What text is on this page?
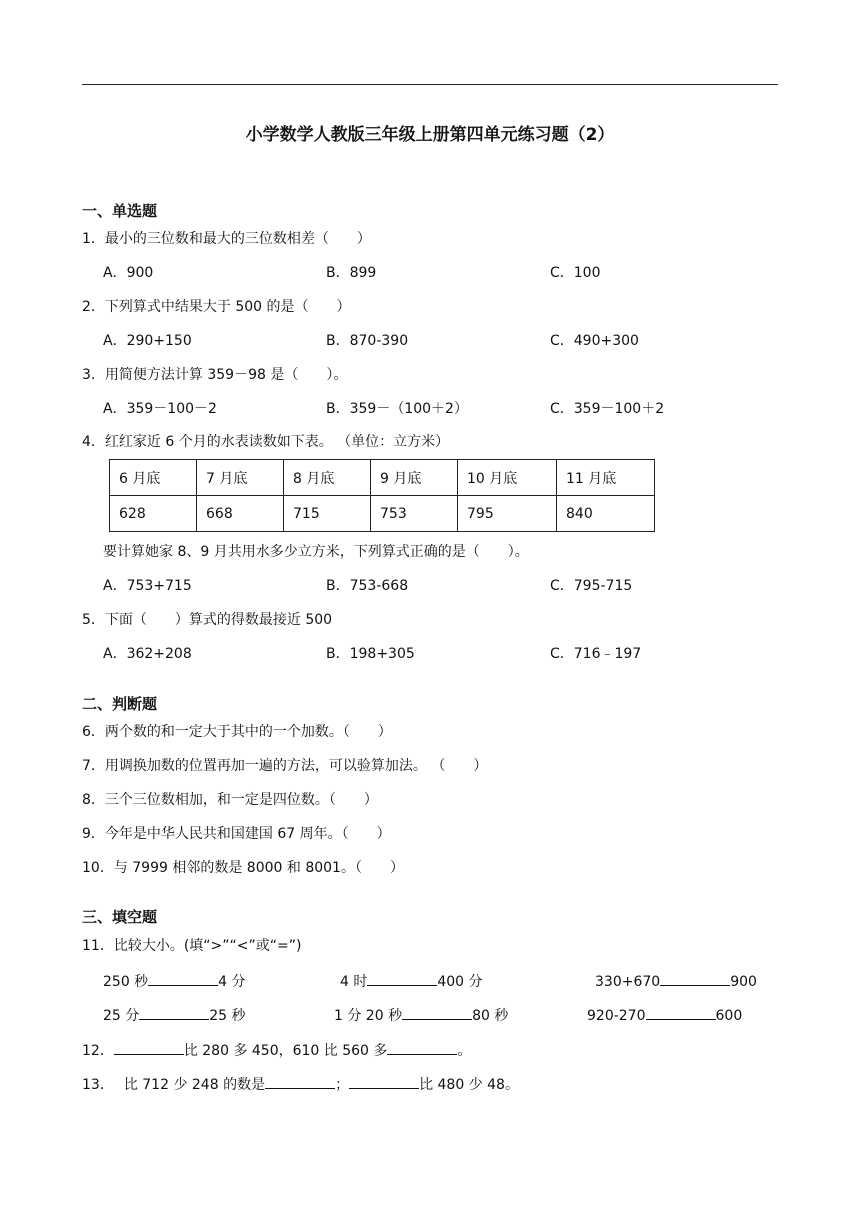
小学数学人教版三年级上册第四单元练习题（2）
一、单选题
1．最小的三位数和最大的三位数相差（　　）
A．900	B．899	C．100
2．下列算式中结果大于 500 的是（　　）
A．290+150	B．870-390	C．490+300
3．用简便方法计算 359－98 是（　　）。
A．359－100－2	B．359－（100＋2）	C．359－100＋2
4．红红家近 6 个月的水表读数如下表。 （单位：立方米）
6 月底	7 月底	8 月底	9 月底	10 月底	11 月底
628	668	715	753	795	840
要计算她家 8、9 月共用水多少立方米，下列算式正确的是（　　）。
A．753+715	B．753-668	C．795-715
5．下面（　　）算式的得数最接近 500
A．362+208	B．198+305	C．716﹣197
二、判断题
6．两个数的和一定大于其中的一个加数。（　　）
7．用调换加数的位置再加一遍的方法，可以验算加法。 （　　）
8．三个三位数相加，和一定是四位数。（　　）
9．今年是中华人民共和国建国 67 周年。（　　）
10．与 7999 相邻的数是 8000 和 8001。（　　）
三、填空题
11．比较大小。(填“>”“<”或“=”)
250 秒	4 分	4 时	400 分	330+670	900
25 分	25 秒	1 分 20 秒	80 秒	920-270	600
12．	比 280 多 450，610 比 560 多	。
13． 比 712 少 248 的数是	；	比 480 少 48。
